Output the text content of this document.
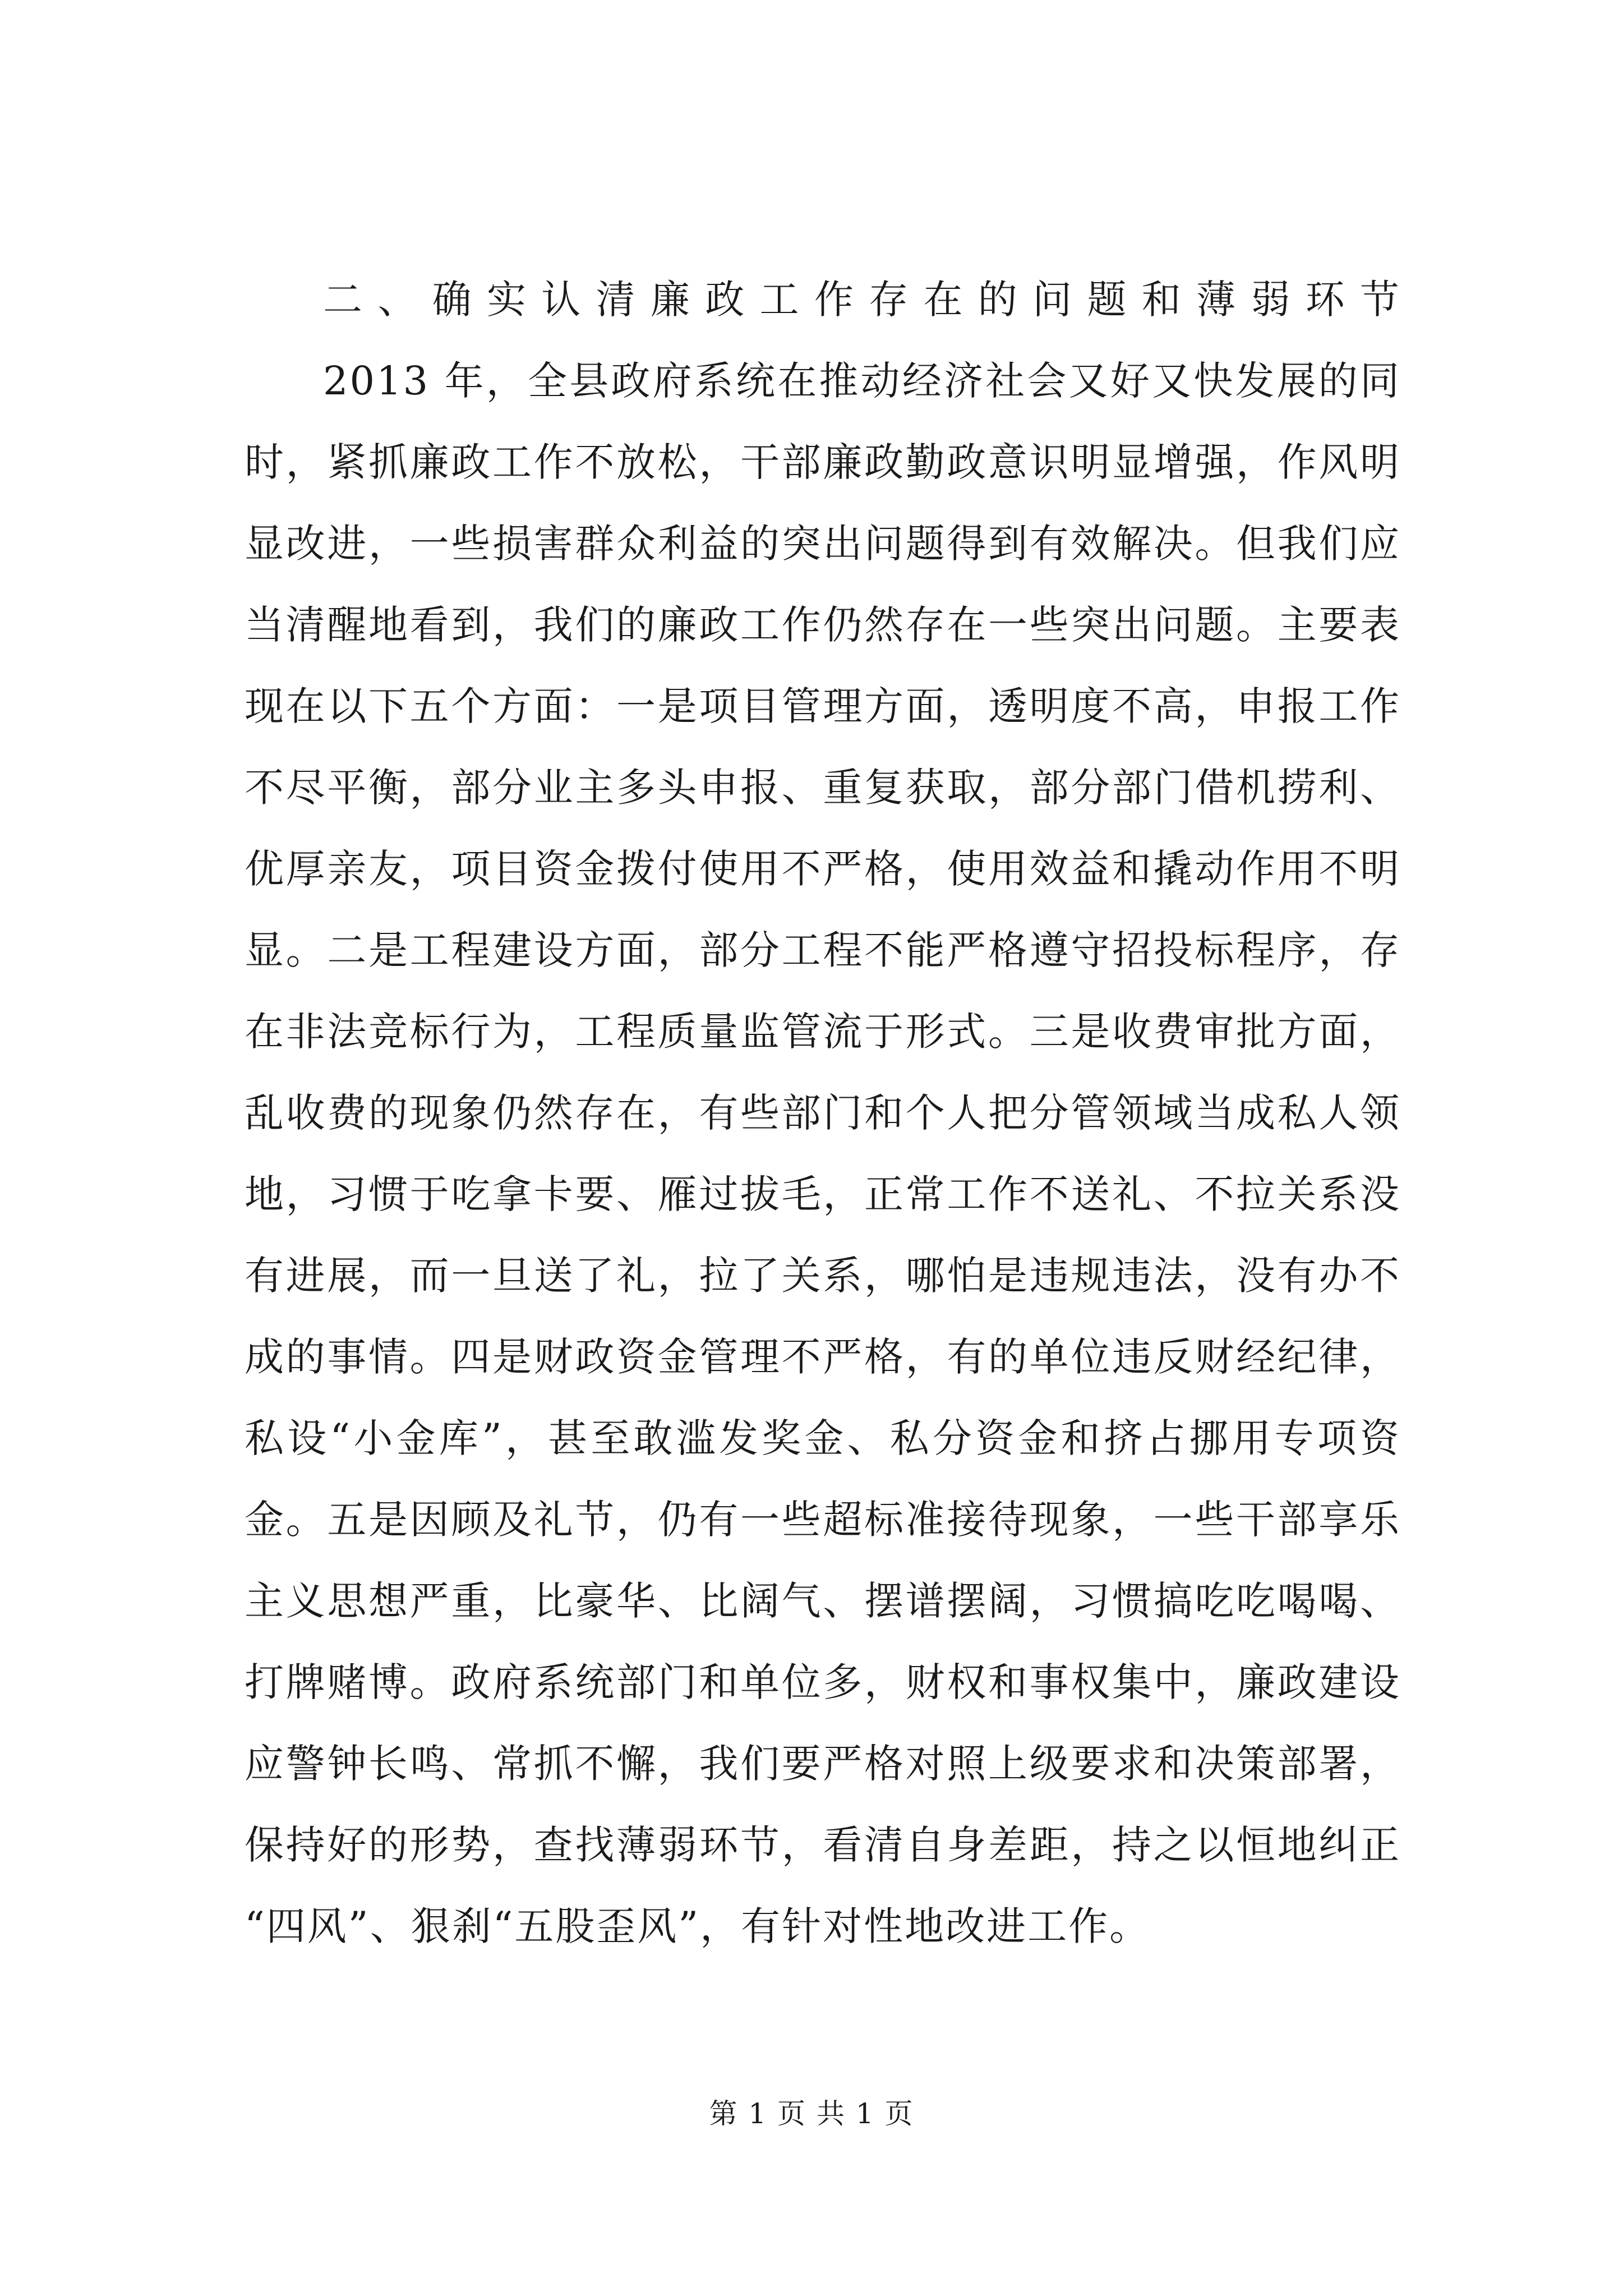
二、确实认清廉政工作存在的问题和薄弱环节
2013 年，全县政府系统在推动经济社会又好又快发展的同
时，紧抓廉政工作不放松，干部廉政勤政意识明显增强，作风明
显改进，一些损害群众利益的突出问题得到有效解决。但我们应
当清醒地看到，我们的廉政工作仍然存在一些突出问题。主要表
现在以下五个方面：一是项目管理方面，透明度不高，申报工作
不尽平衡，部分业主多头申报、重复获取，部分部门借机捞利、
优厚亲友，项目资金拨付使用不严格，使用效益和撬动作用不明
显。二是工程建设方面，部分工程不能严格遵守招投标程序，存
在非法竞标行为，工程质量监管流于形式。三是收费审批方面，
乱收费的现象仍然存在，有些部门和个人把分管领域当成私人领
地，习惯于吃拿卡要、雁过拔毛，正常工作不送礼、不拉关系没
有进展，而一旦送了礼，拉了关系，哪怕是违规违法，没有办不
成的事情。四是财政资金管理不严格，有的单位违反财经纪律，
私设“小金库”，甚至敢滥发奖金、私分资金和挤占挪用专项资
金。五是因顾及礼节，仍有一些超标准接待现象，一些干部享乐
主义思想严重，比豪华、比阔气、摆谱摆阔，习惯搞吃吃喝喝、
打牌赌博。政府系统部门和单位多，财权和事权集中，廉政建设
应警钟长鸣、常抓不懈，我们要严格对照上级要求和决策部署，
保持好的形势，查找薄弱环节，看清自身差距，持之以恒地纠正
“四风”、狠刹“五股歪风”，有针对性地改进工作。
第 1 页 共 1 页
